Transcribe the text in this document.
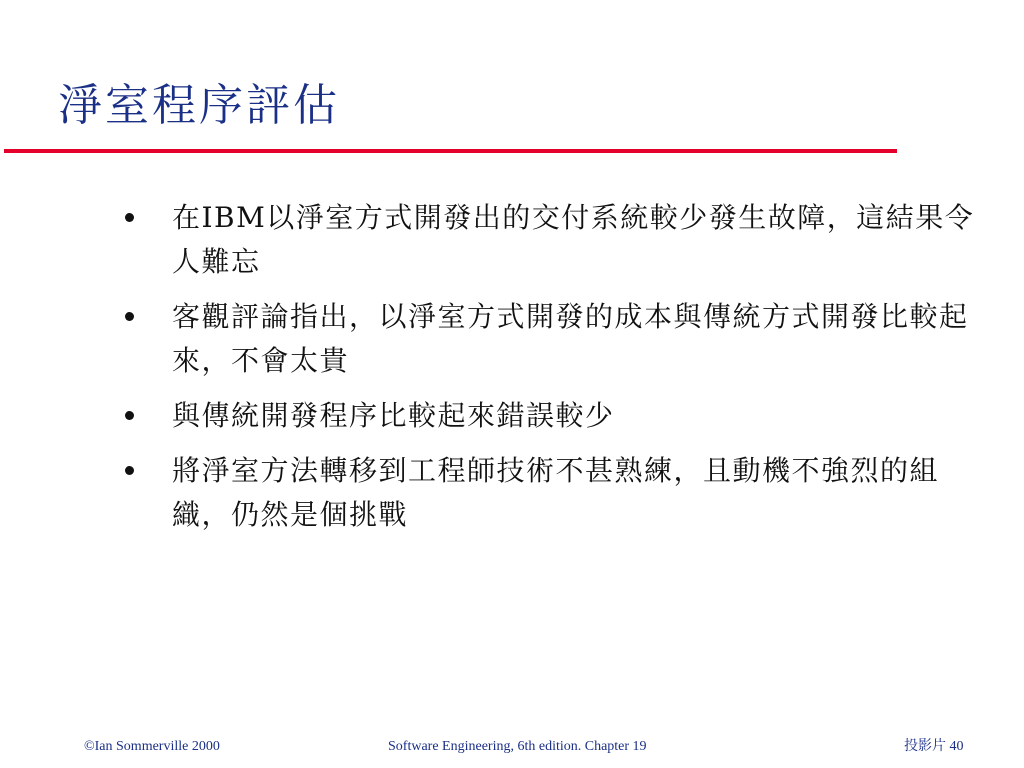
淨室程序評估
在IBM以淨室方式開發出的交付系統較少發生故障，這結果令人難忘
客觀評論指出，以淨室方式開發的成本與傳統方式開發比較起來，不會太貴
與傳統開發程序比較起來錯誤較少
將淨室方法轉移到工程師技術不甚熟練，且動機不強烈的組織，仍然是個挑戰
©Ian Sommerville 2000	Software Engineering, 6th edition. Chapter 19	投影片 40
